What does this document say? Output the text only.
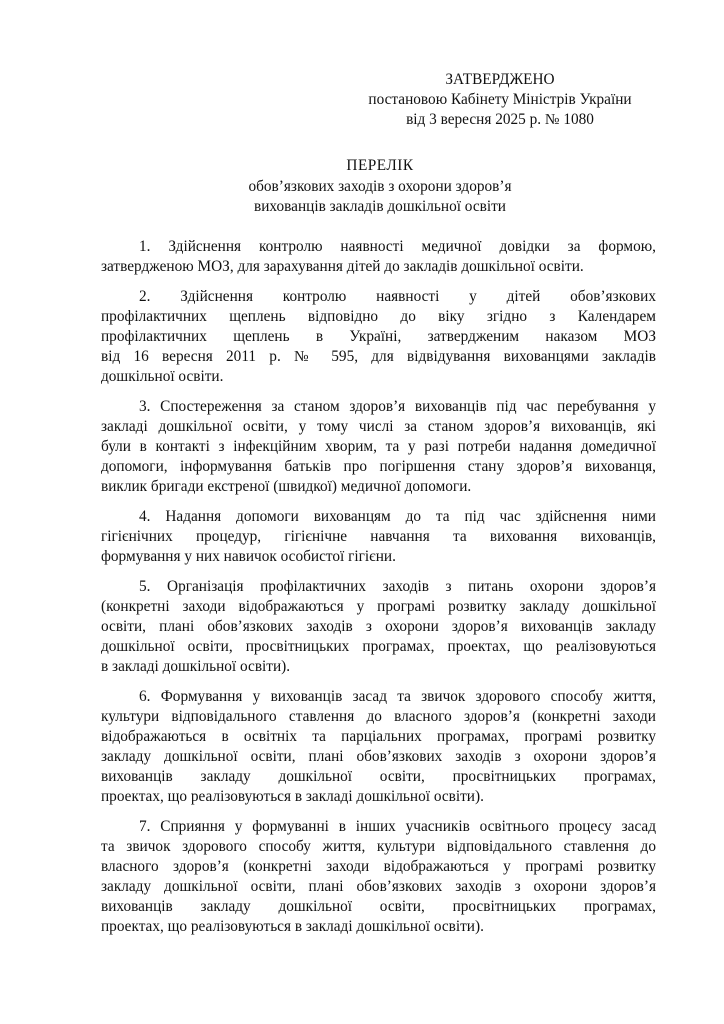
ЗАТВЕРДЖЕНО
постановою Кабінету Міністрів України
від 3 вересня 2025 р. № 1080
ПЕРЕЛІК
обов’язкових заходів з охорони здоров’я
вихованців закладів дошкільної освіти
1. Здійснення контролю наявності медичної довідки за формою,
затвердженою МОЗ, для зарахування дітей до закладів дошкільної освіти.
2. Здійснення контролю наявності у дітей обов’язкових
профілактичних щеплень відповідно до віку згідно з Календарем
профілактичних щеплень в Україні, затвердженим наказом МОЗ
від 16 вересня 2011 р. № 595, для відвідування вихованцями закладів
дошкільної освіти.
3. Спостереження за станом здоров’я вихованців під час перебування у
закладі дошкільної освіти, у тому числі за станом здоров’я вихованців, які
були в контакті з інфекційним хворим, та у разі потреби надання домедичної
допомоги, інформування батьків про погіршення стану здоров’я вихованця,
виклик бригади екстреної (швидкої) медичної допомоги.
4. Надання допомоги вихованцям до та під час здійснення ними
гігієнічних процедур, гігієнічне навчання та виховання вихованців,
формування у них навичок особистої гігієни.
5. Організація профілактичних заходів з питань охорони здоров’я
(конкретні заходи відображаються у програмі розвитку закладу дошкільної
освіти, плані обов’язкових заходів з охорони здоров’я вихованців закладу
дошкільної освіти, просвітницьких програмах, проектах, що реалізовуються
в закладі дошкільної освіти).
6. Формування у вихованців засад та звичок здорового способу життя,
культури відповідального ставлення до власного здоров’я (конкретні заходи
відображаються в освітніх та парціальних програмах, програмі розвитку
закладу дошкільної освіти, плані обов’язкових заходів з охорони здоров’я
вихованців закладу дошкільної освіти, просвітницьких програмах,
проектах, що реалізовуються в закладі дошкільної освіти).
7. Сприяння у формуванні в інших учасників освітнього процесу засад
та звичок здорового способу життя, культури відповідального ставлення до
власного здоров’я (конкретні заходи відображаються у програмі розвитку
закладу дошкільної освіти, плані обов’язкових заходів з охорони здоров’я
вихованців закладу дошкільної освіти, просвітницьких програмах,
проектах, що реалізовуються в закладі дошкільної освіти).
